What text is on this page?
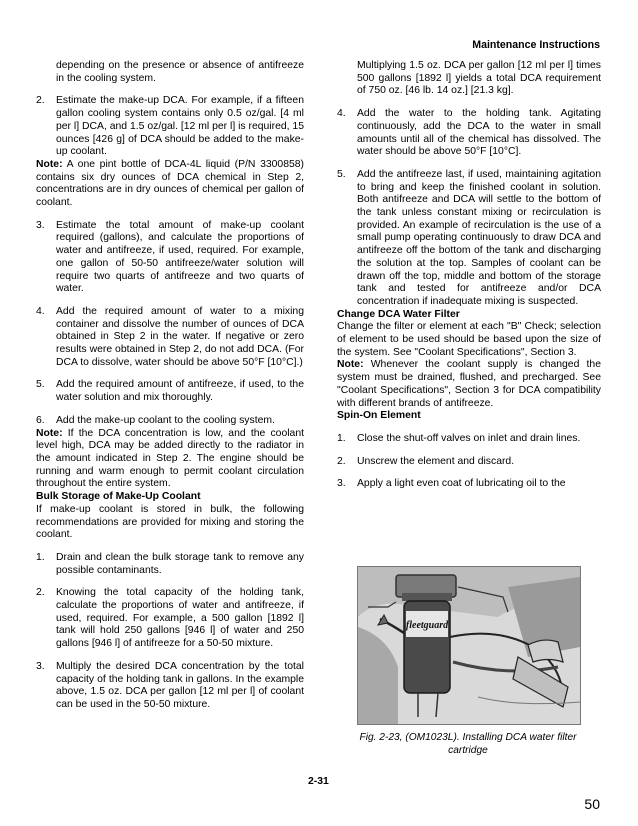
Maintenance Instructions

depending on the presence or absence of antifreeze in the cooling system.

2. Estimate the make-up DCA. For example, if a fifteen gallon cooling system contains only 0.5 oz/gal. [4 ml per l] DCA, and 1.5 oz/gal. [12 ml per l] is required, 15 ounces [426 g] of DCA should be added to the make-up coolant.

Note: A one pint bottle of DCA-4L liquid (P/N 3300858) contains six dry ounces of DCA chemical in Step 2, concentrations are in dry ounces of chemical per gallon of coolant.

3. Estimate the total amount of make-up coolant required (gallons), and calculate the proportions of water and antifreeze, if used, required. For example, one gallon of 50-50 antifreeze/water solution will require two quarts of antifreeze and two quarts of water.
4. Add the required amount of water to a mixing container and dissolve the number of ounces of DCA obtained in Step 2 in the water. If negative or zero results were obtained in Step 2, do not add DCA. (For DCA to dissolve, water should be above 50°F [10°C].)
5. Add the required amount of antifreeze, if used, to the water solution and mix thoroughly.
6. Add the make-up coolant to the cooling system.

Note: If the DCA concentration is low, and the coolant level high, DCA may be added directly to the radiator in the amount indicated in Step 2. The engine should be running and warm enough to permit coolant circulation throughout the entire system.

Bulk Storage of Make-Up Coolant

If make-up coolant is stored in bulk, the following recommendations are provided for mixing and storing the coolant.

1. Drain and clean the bulk storage tank to remove any possible contaminants.
2. Knowing the total capacity of the holding tank, calculate the proportions of water and antifreeze, if used, required. For example, a 500 gallon [1892 l] tank will hold 250 gallons [946 l] of water and 250 gallons [946 l] of antifreeze for a 50-50 mixture.
3. Multiply the desired DCA concentration by the total capacity of the holding tank in gallons. In the example above, 1.5 oz. DCA per gallon [12 ml per l] of coolant can be used in the 50-50 mixture.

Multiplying 1.5 oz. DCA per gallon [12 ml per l] times 500 gallons [1892 l] yields a total DCA requirement of 750 oz. [46 lb. 14 oz.] [21.3 kg].

4. Add the water to the holding tank. Agitating continuously, add the DCA to the water in small amounts until all of the chemical has dissolved. The water should be above 50°F [10°C].
5. Add the antifreeze last, if used, maintaining agitation to bring and keep the finished coolant in solution. Both antifreeze and DCA will settle to the bottom of the tank unless constant mixing or recirculation is provided. An example of recirculation is the use of a small pump operating continuously to draw DCA and antifreeze off the bottom of the tank and discharging the solution at the top. Samples of coolant can be drawn off the top, middle and bottom of the storage tank and tested for antifreeze and/or DCA concentration if inadequate mixing is suspected.

Change DCA Water Filter

Change the filter or element at each "B" Check; selection of element to be used should be based upon the size of the system. See "Coolant Specifications", Section 3.

Note: Whenever the coolant supply is changed the system must be drained, flushed, and precharged. See "Coolant Specifications", Section 3 for DCA compatibility with different brands of antifreeze.

Spin-On Element

1. Close the shut-off valves on inlet and drain lines.
2. Unscrew the element and discard.
3. Apply a light even coat of lubricating oil to the
fleetguard
Fig. 2-23, (OM1023L). Installing DCA water filter cartridge
2-31
50
